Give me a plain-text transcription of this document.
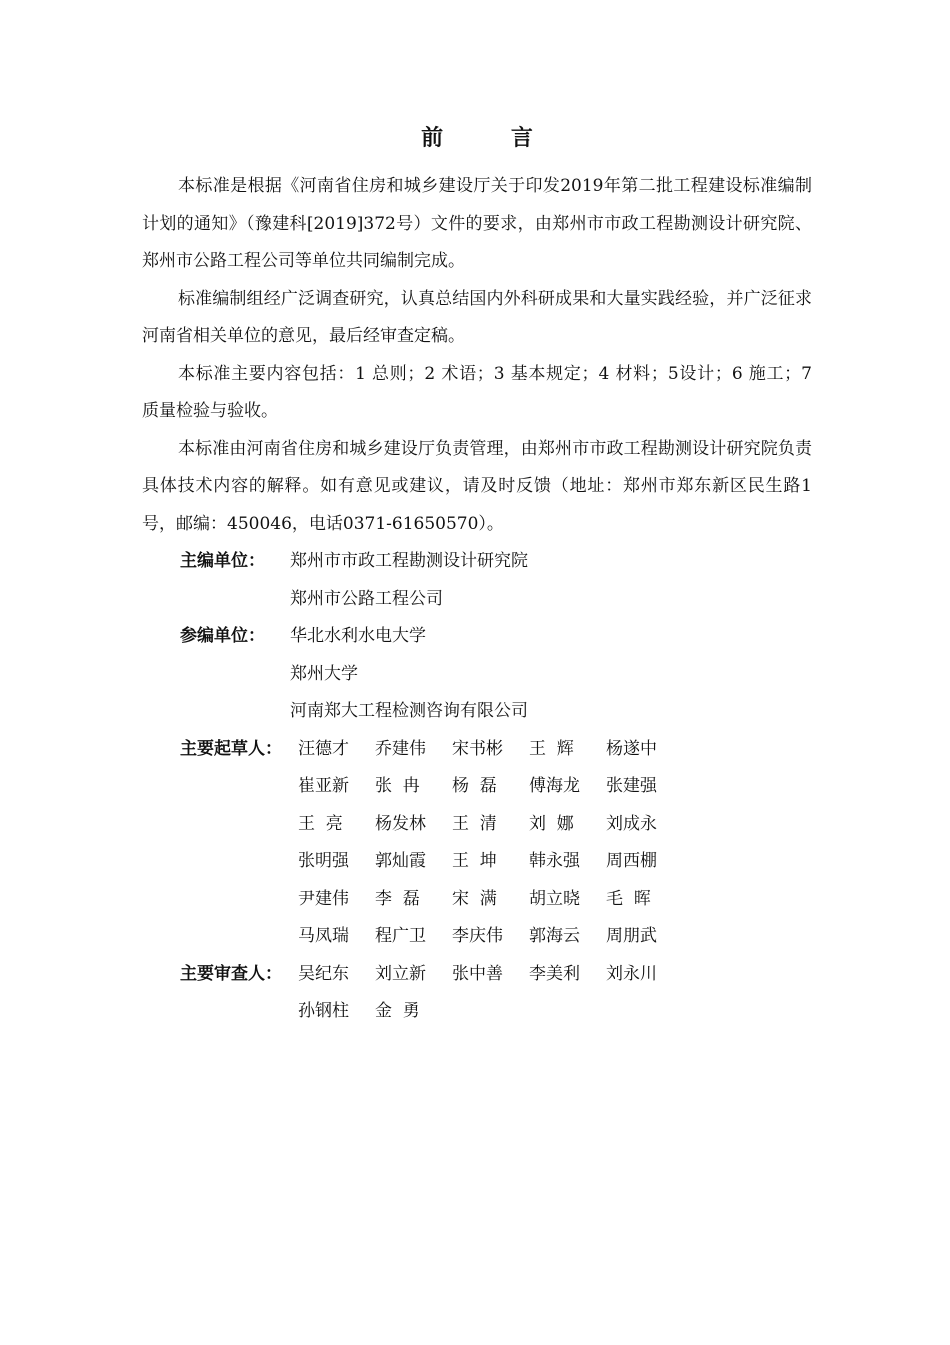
前 言

本标准是根据《河南省住房和城乡建设厅关于印发2019年第二批工程建设标准编制计划的通知》（豫建科[2019]372号）文件的要求，由郑州市市政工程勘测设计研究院、郑州市公路工程公司等单位共同编制完成。

标准编制组经广泛调查研究，认真总结国内外科研成果和大量实践经验，并广泛征求河南省相关单位的意见，最后经审查定稿。

本标准主要内容包括：1 总则；2 术语；3 基本规定；4 材料；5设计；6 施工；7 质量检验与验收。

本标准由河南省住房和城乡建设厅负责管理，由郑州市市政工程勘测设计研究院负责具体技术内容的解释。如有意见或建议，请及时反馈（地址：郑州市郑东新区民生路1号，邮编：450046，电话0371-61650570）。

主编单位：	郑州市市政工程勘测设计研究院
郑州市公路工程公司
参编单位：	华北水利水电大学
郑州大学
河南郑大工程检测咨询有限公司
主要起草人： 汪德才	乔建伟	宋书彬	王  辉	杨遂中
崔亚新	张  冉	杨  磊	傅海龙	张建强
王  亮	杨发林	王  清	刘  娜	刘成永
张明强	郭灿霞	王  坤	韩永强	周西棚
尹建伟	李  磊	宋  满	胡立晓	毛  晖
马凤瑞	程广卫	李庆伟	郭海云	周朋武
主要审查人： 吴纪东	刘立新	张中善	李美利	刘永川
孙钢柱	金  勇
